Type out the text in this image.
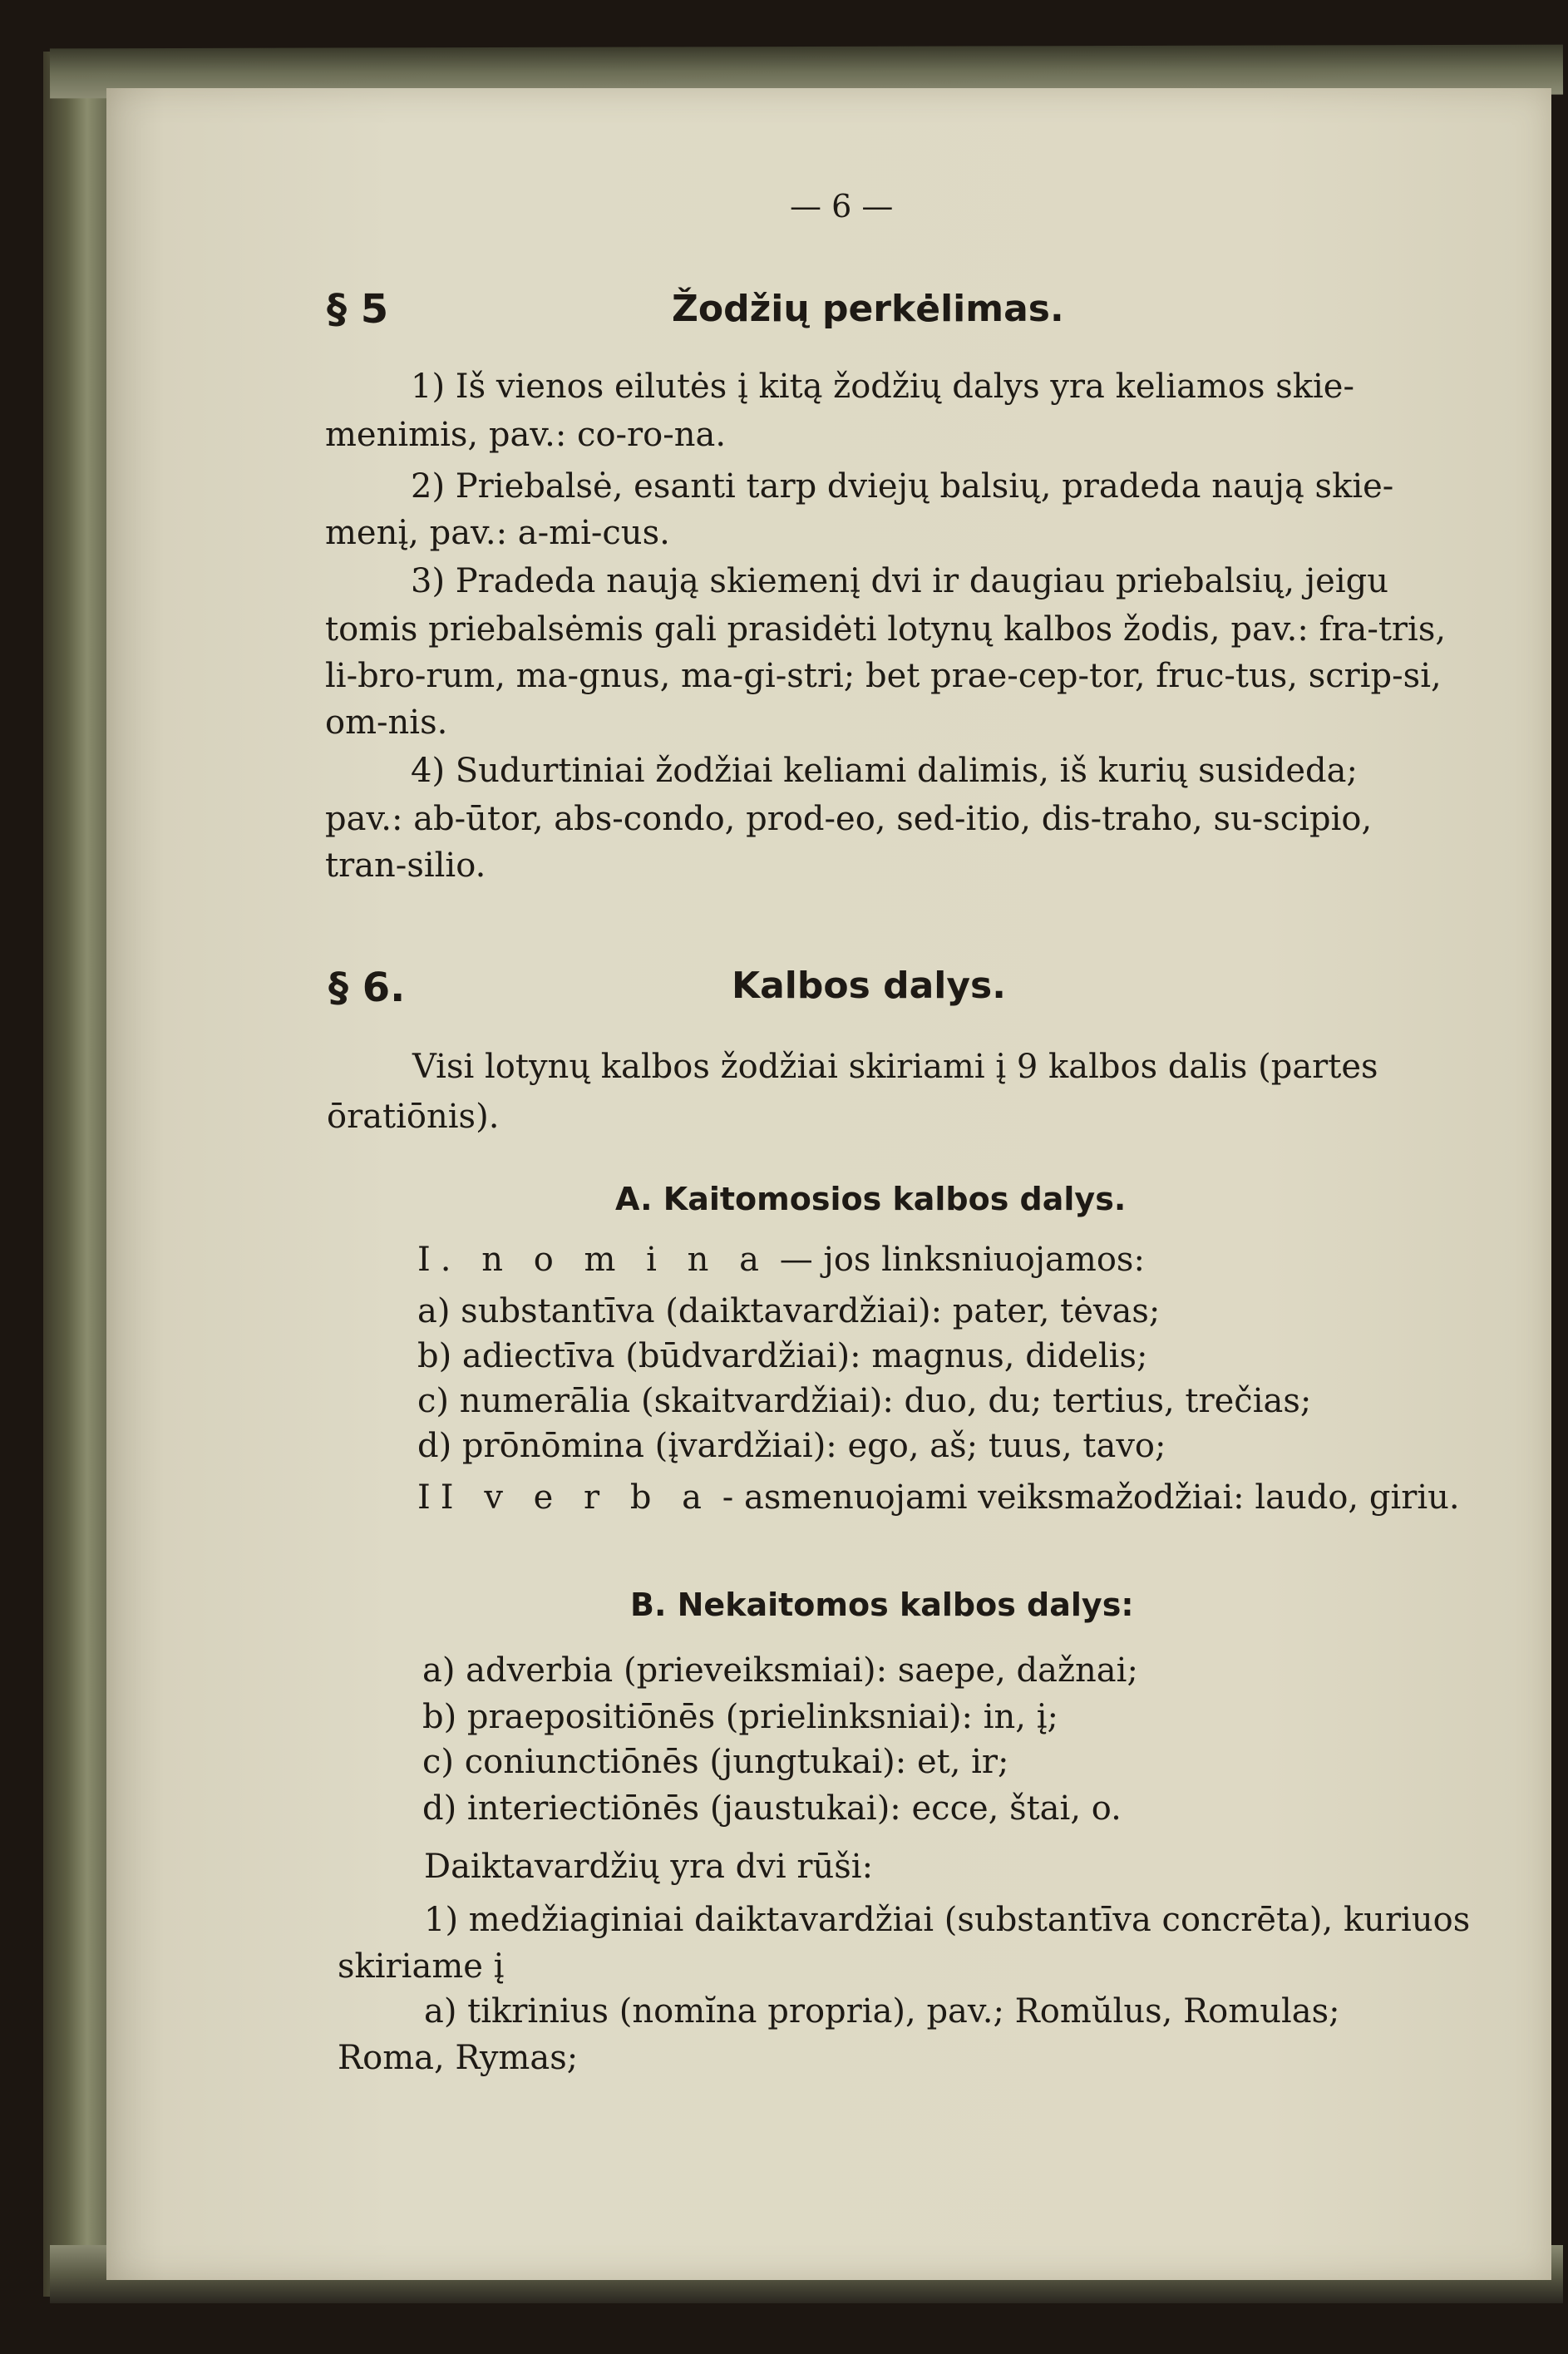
— 6 —
§ 5	Žodžių perkėlimas.

1) Iš vienos eilutės į kitą žodžių dalys yra keliamos skie-

menimis, pav.: co-ro-na.

2) Priebalsė, esanti tarp dviejų balsių, pradeda naują skie-

menį, pav.: a-mi-cus.

3) Pradeda naują skiemenį dvi ir daugiau priebalsių, jeigu

tomis priebalsėmis gali prasidėti lotynų kalbos žodis, pav.: fra-tris,

li-bro-rum, ma-gnus, ma-gi-stri; bet prae-cep-tor, fruc-tus, scrip-si,

om-nis.

4) Sudurtiniai žodžiai keliami dalimis, iš kurių susideda;

pav.: ab-ūtor, abs-condo, prod-eo, sed-itio, dis-traho, su-scipio,

tran-silio.

§ 6.	Kalbos dalys.

Visi lotynų kalbos žodžiai skiriami į 9 kalbos dalis (partes

ōratiōnis).

A. Kaitomosios kalbos dalys.

I. n o m i n a — jos linksniuojamos:

a) substantīva (daiktavardžiai): pater, tėvas;

b) adiectīva (būdvardžiai): magnus, didelis;

c) numerālia (skaitvardžiai): duo, du; tertius, trečias;

d) prōnōmina (įvardžiai): ego, aš; tuus, tavo;

II v e r b a - asmenuojami veiksmažodžiai: laudo, giriu.

B. Nekaitomos kalbos dalys:

a) adverbia (prieveiksmiai): saepe, dažnai;

b) praepositiōnēs (prielinksniai): in, į;

c) coniunctiōnēs (jungtukai): et, ir;

d) interiectiōnēs (jaustukai): ecce, štai, o.

Daiktavardžių yra dvi rūši:

1) medžiaginiai daiktavardžiai (substantīva concrēta), kuriuos

skiriame į

a) tikrinius (nomĭna propria), pav.; Romŭlus, Romulas;

Roma, Rymas;
